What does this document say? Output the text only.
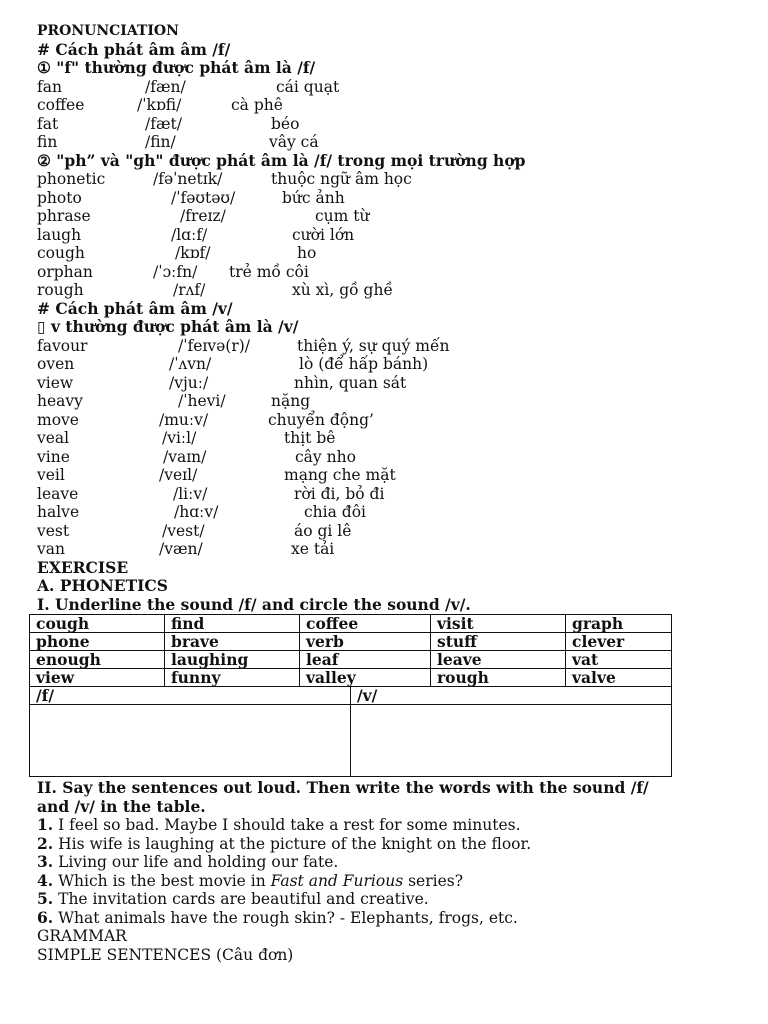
PRONUNCIATION
# Cách phát âm âm /f/
① "f" thường được phát âm là /f/
fan	/fæn/	cái quạt
coffee	/ˈkɒfi/	cà phê
fat	/fæt/	béo
fin	/fin/	vây cá
② "ph” và "gh" được phát âm là /f/ trong mọi trường hợp
phonetic	/fəˈnetɪk/	thuộc ngữ âm học
photo	/ˈfəʊtəʊ/	bức ảnh
phrase	/freɪz/	cụm từ
laugh	/lɑːf/	cười lớn
cough	/kɒf/	ho
orphan	/ˈɔːfn/ trẻ mồ côi
rough	/rʌf/	xù xì, gồ ghề
# Cách phát âm âm /v/
▯ v thường được phát âm là /v/
favour	/ˈfeɪvə(r)/	thiện ý, sự quý mến
oven	/ˈʌvn/	lò (để hấp bánh)
view	/vjuː/	nhìn, quan sát
heavy	/ˈhevi/	nặng
move	/muːv/	chuyển động’
veal	/viːl/	thịt bê
vine	/vaɪn/	cây nho
veil	/veɪl/	mạng che mặt
leave	/liːv/	rời đi, bỏ đi
halve	/hɑːv/	chia đôi
vest	/vest/	áo gi lê
van	/væn/	xe tải
EXERCISE
A. PHONETICS
I. Underline the sound /f/ and circle the sound /v/.
cough	find	coffee	visit	graph
phone	brave	verb	stuff	clever
enough	laughing	leaf	leave	vat
view	funny	valley	rough	valve
/f/	/v/

II. Say the sentences out loud. Then write the words with the sound /f/
and /v/ in the table.
1. I feel so bad. Maybe I should take a rest for some minutes.
2. His wife is laughing at the picture of the knight on the floor.
3. Living our life and holding our fate.
4. Which is the best movie in Fast and Furious series?
5. The invitation cards are beautiful and creative.
6. What animals have the rough skin? - Elephants, frogs, etc.
GRAMMAR
SIMPLE SENTENCES (Câu đơn)
